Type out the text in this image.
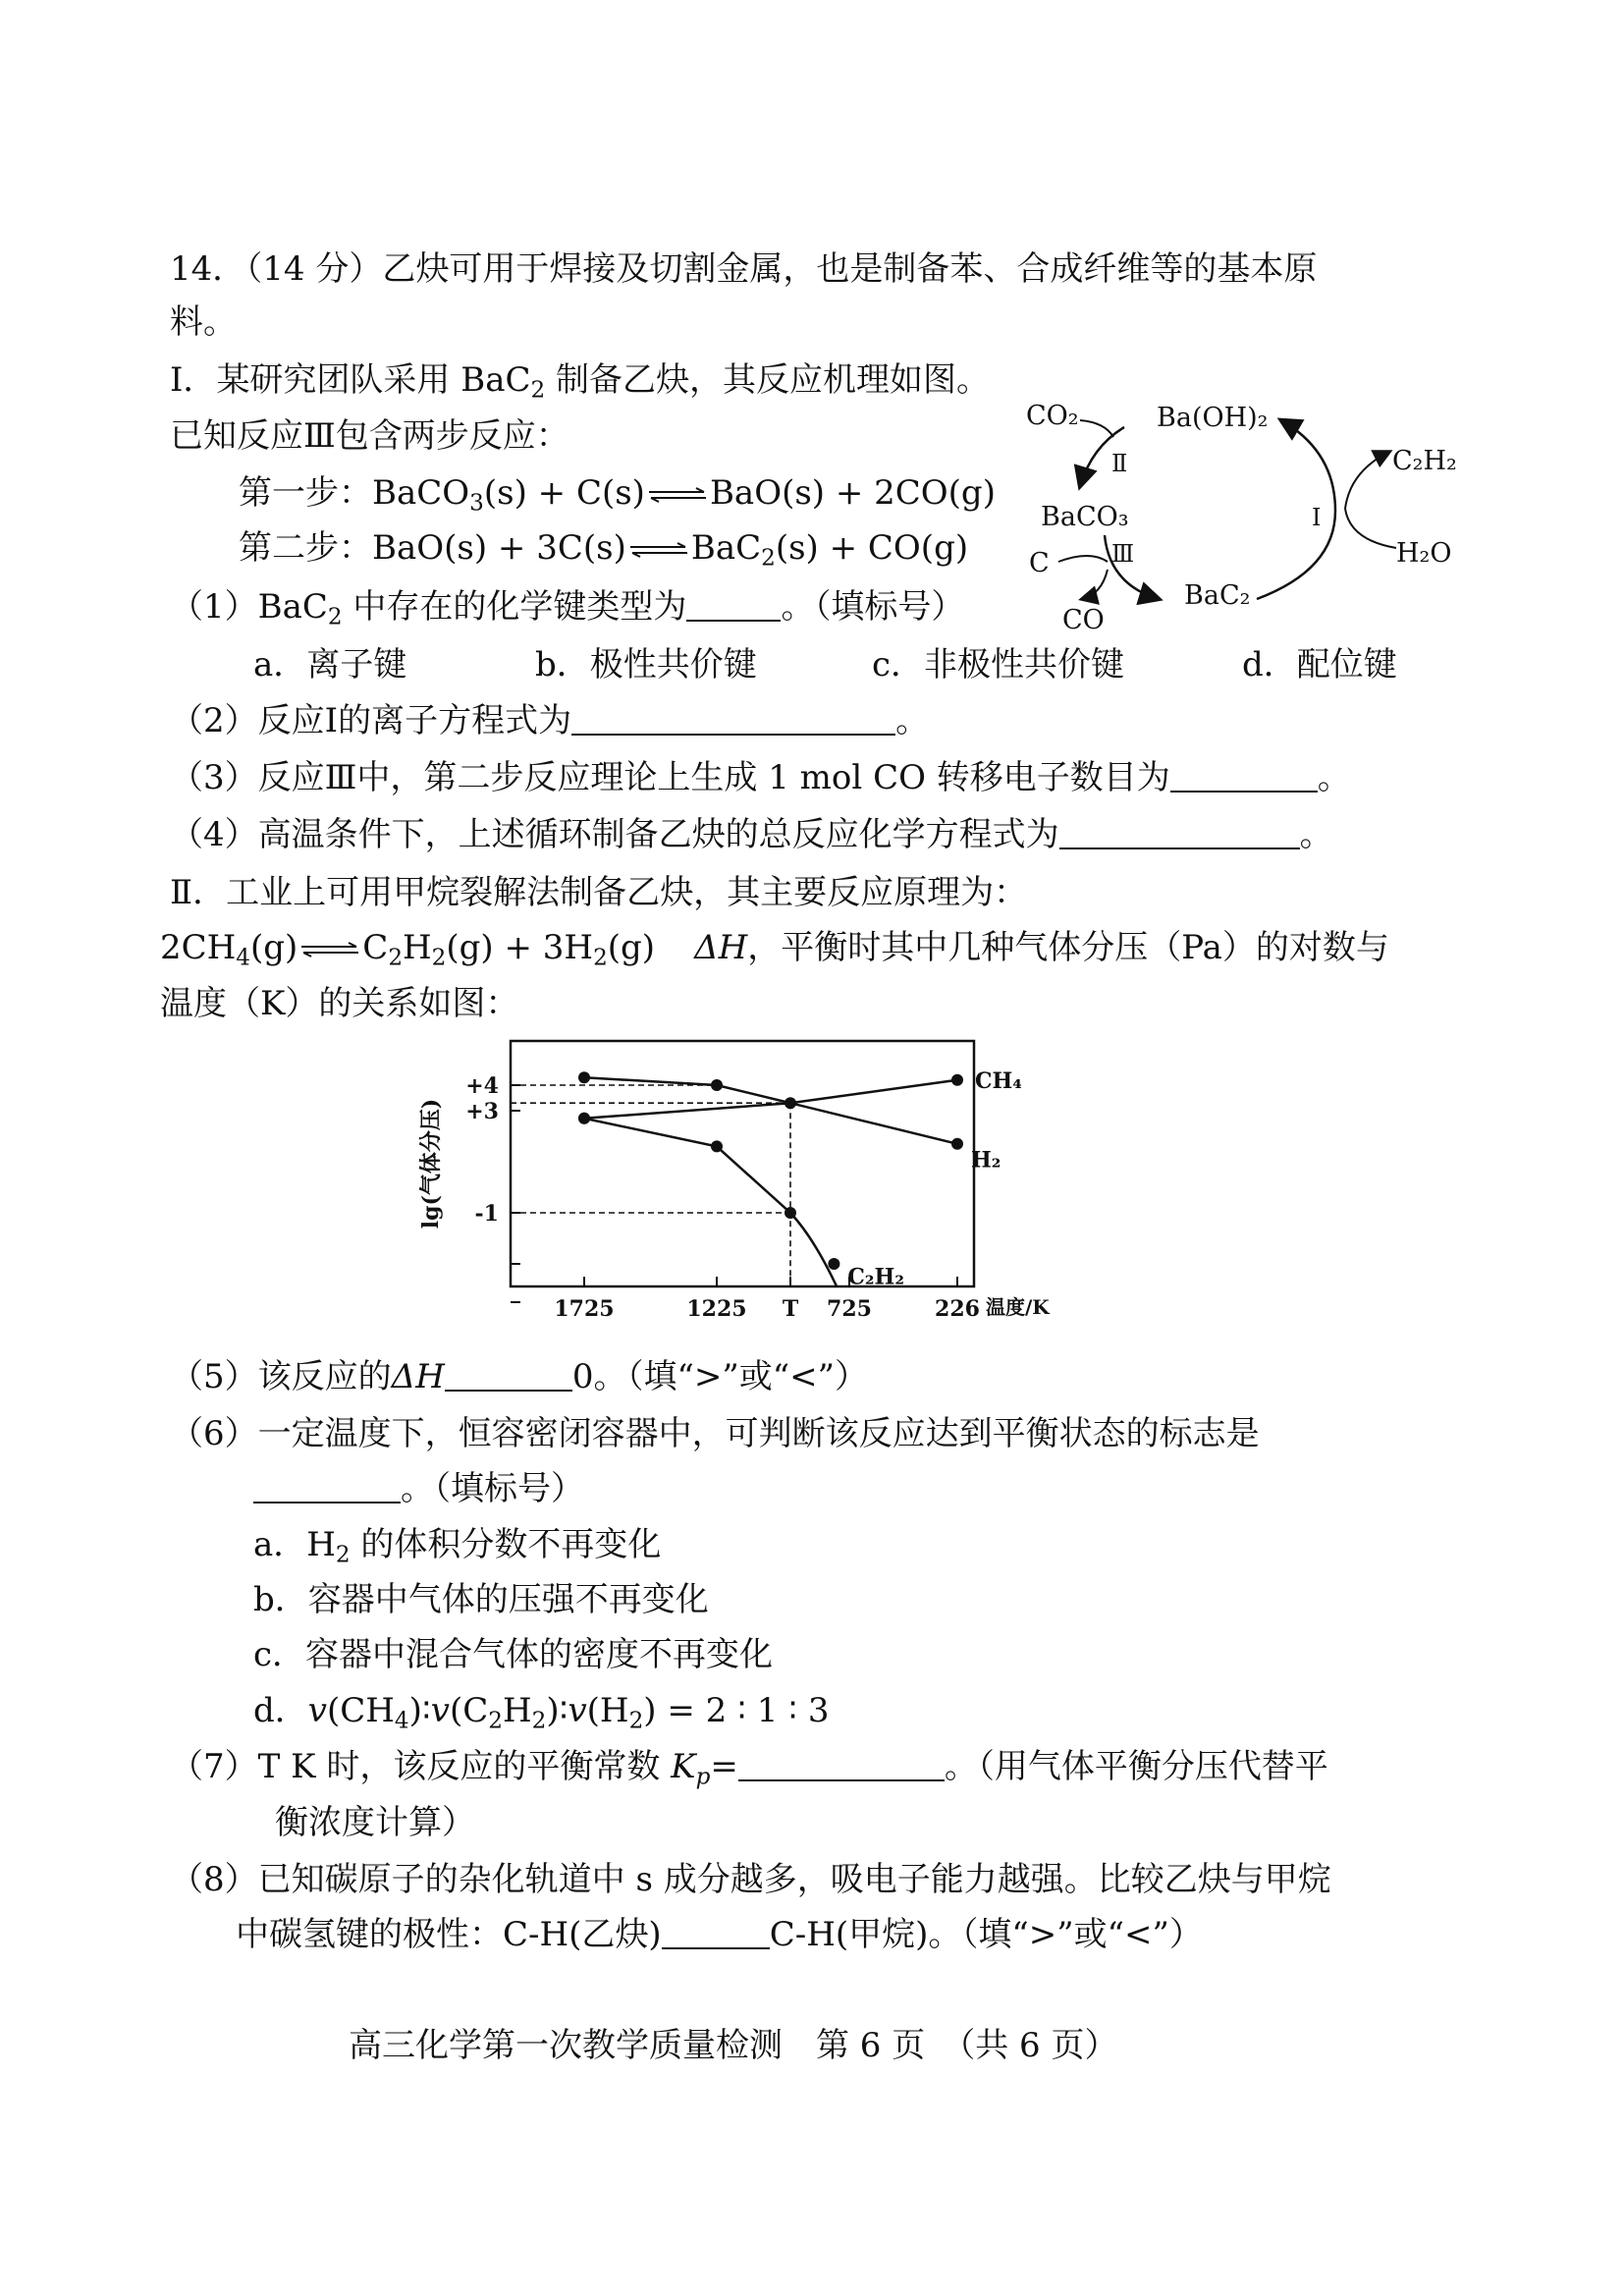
14．（14 分）乙炔可用于焊接及切割金属，也是制备苯、合成纤维等的基本原
料。
Ⅰ．某研究团队采用 BaC$_2$ 制备乙炔，其反应机理如图。
已知反应Ⅲ包含两步反应：
第一步：BaCO$_3$(s) + C(s) ⇌ BaO(s) + 2CO(g)
第二步：BaO(s) + 3C(s) ⇌ BaC$_2$(s) + CO(g)
CO₂	Ba(OH)₂
C₂H₂
Ⅱ
BaCO₃	Ⅰ
C	Ⅲ	H₂O
CO
BaC₂
（1）BaC$_2$ 中存在的化学键类型为	。（填标号）
a．离子键	b．极性共价键	c．非极性共价键	d．配位键
（2）反应Ⅰ的离子方程式为	。
（3）反应Ⅲ中，第二步反应理论上生成 1 mol CO 转移电子数目为	。
（4）高温条件下，上述循环制备乙炔的总反应化学方程式为	。
Ⅱ．工业上可用甲烷裂解法制备乙炔，其主要反应原理为：
$2CH_4(g)$ ⇌ $C_2H_2(g) + 3H_2(g)$ ΔH，平衡时其中几种气体分压（Pa）的对数与
温度（K）的关系如图：
+4
+3
-1
1725	1225 T 725	226 温度/K
lg(气体分压)
CH₄
H₂
C₂H₂
（5）该反应的ΔH	0。（填“>”或“<”）
（6）一定温度下，恒容密闭容器中，可判断该反应达到平衡状态的标志是
。（填标号）
a．$H_2$ 的体积分数不再变化
b．容器中气体的压强不再变化
c．容器中混合气体的密度不再变化
d．$v(CH_4)∶v(C_2H_2)∶v(H_2) = 2$ ∶ 1 ∶ 3
（7）T K 时，该反应的平衡常数 $K_p=$	。（用气体平衡分压代替平
衡浓度计算）
（8）已知碳原子的杂化轨道中 s 成分越多，吸电子能力越强。比较乙炔与甲烷
中碳氢键的极性：C-H(乙炔)	C-H(甲烷)。（填“>”或“<”）
高三化学第一次教学质量检测　第 6 页　（共 6 页）
